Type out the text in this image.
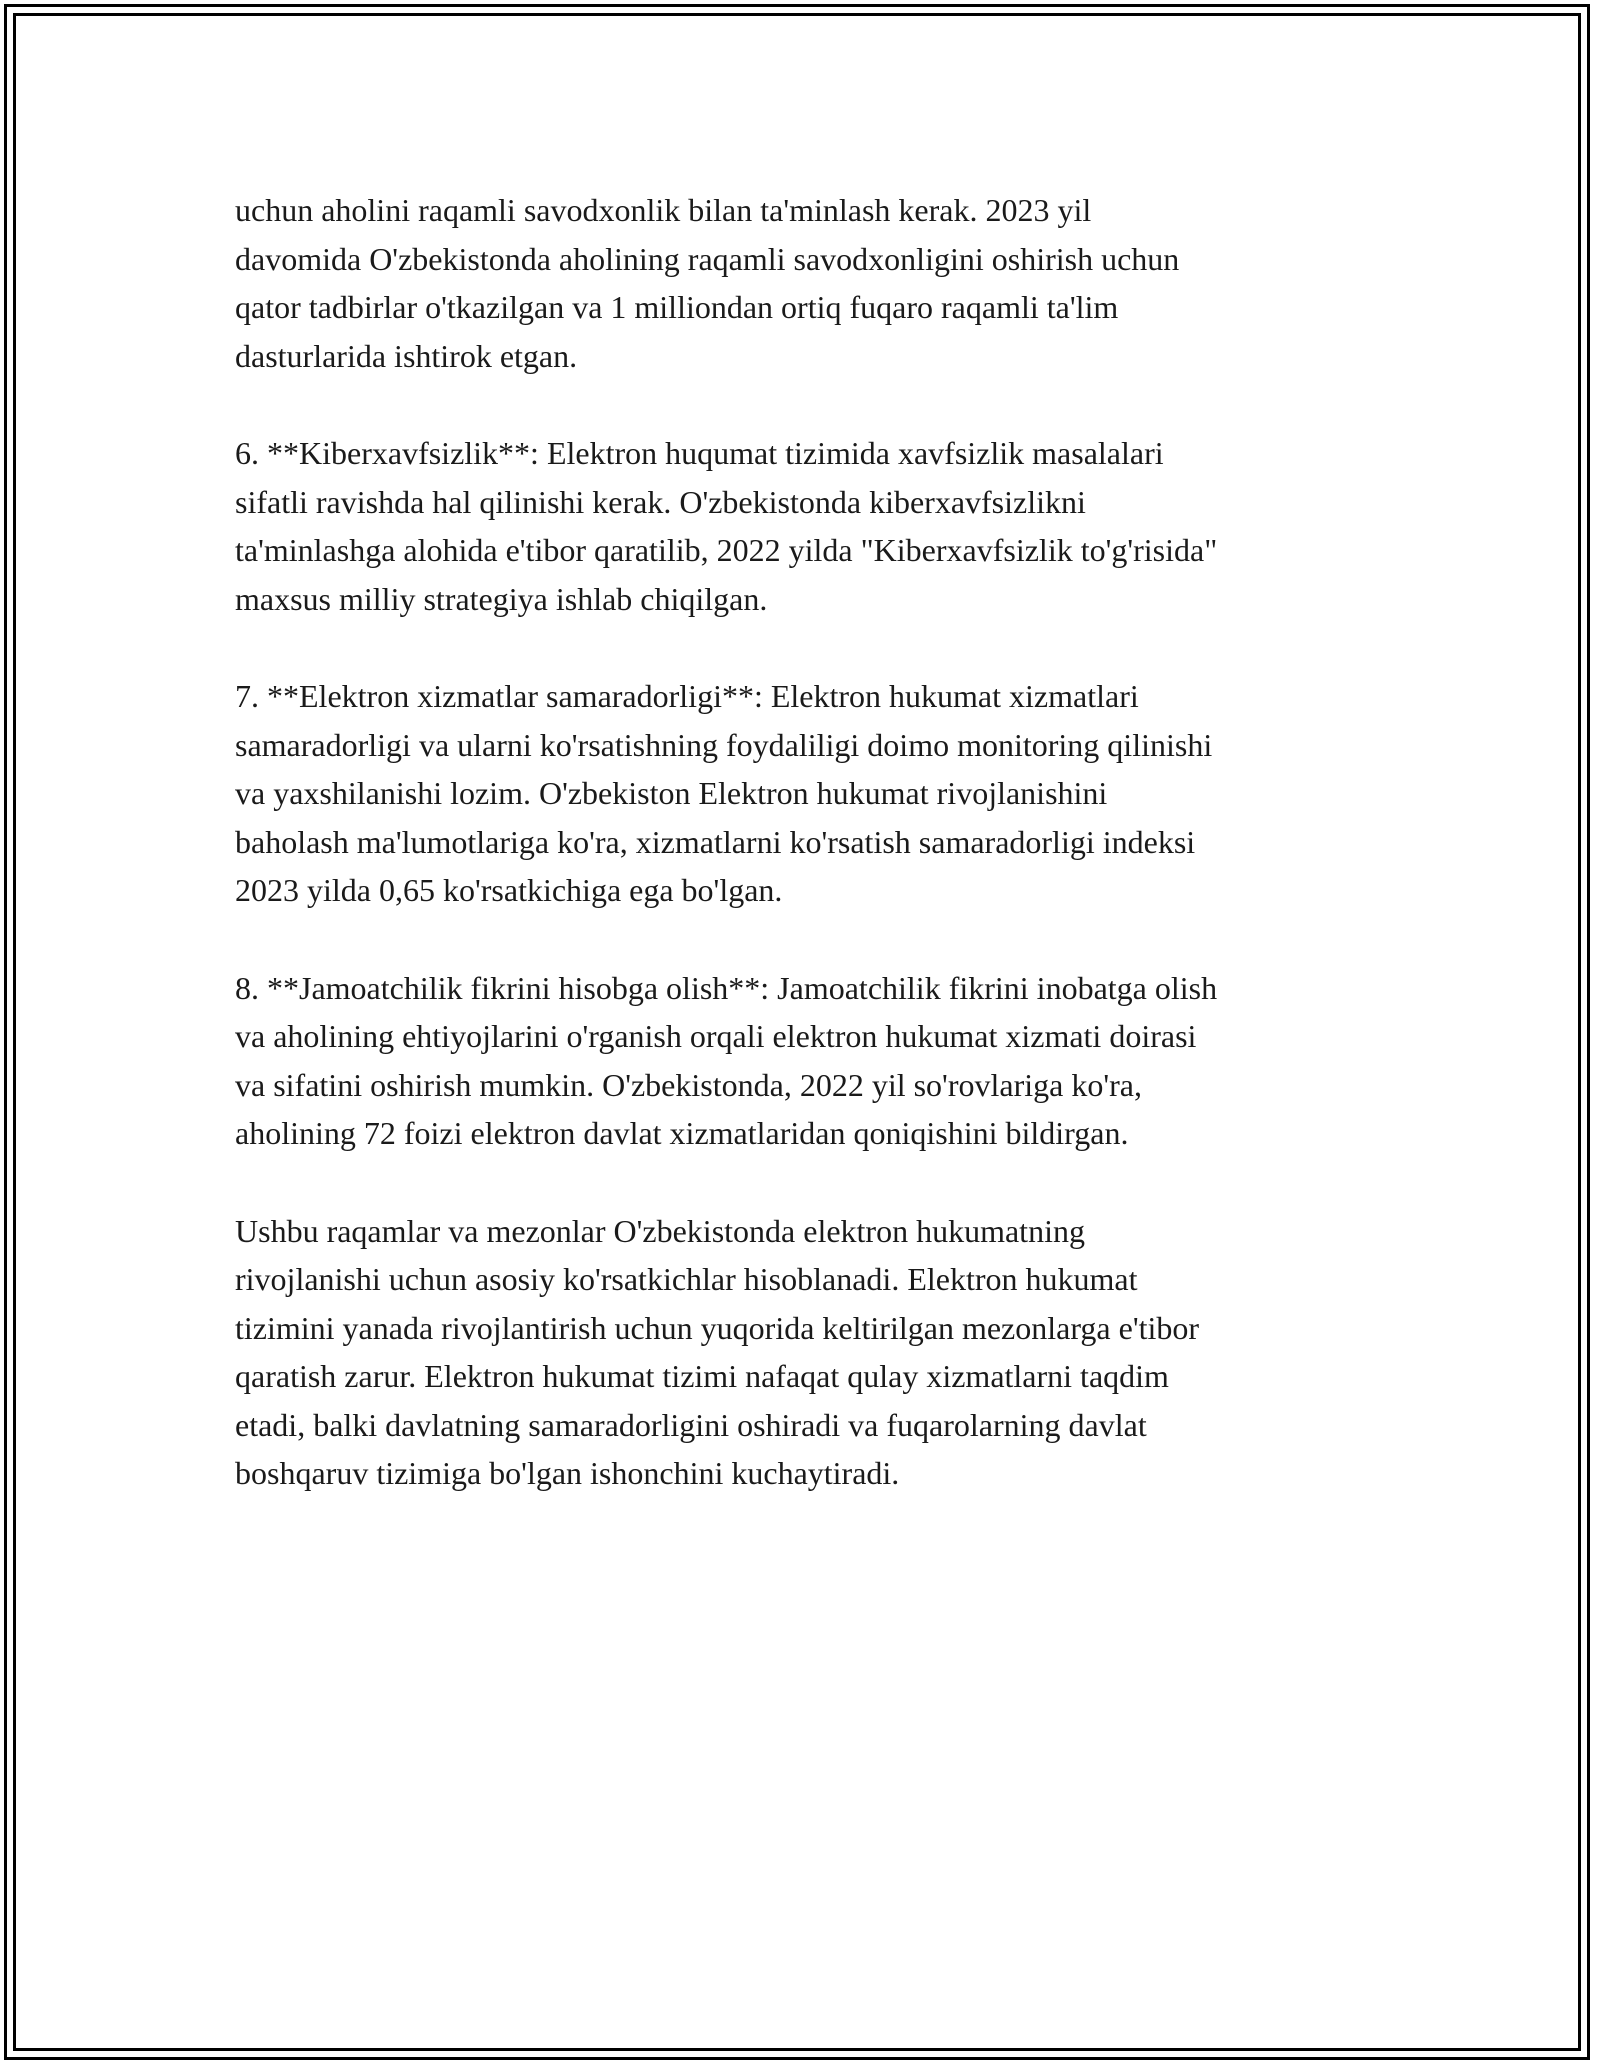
uchun aholini raqamli savodxonlik bilan ta'minlash kerak. 2023 yil
davomida O'zbekistonda aholining raqamli savodxonligini oshirish uchun
qator tadbirlar o'tkazilgan va 1 milliondan ortiq fuqaro raqamli ta'lim
dasturlarida ishtirok etgan.

6. **Kiberxavfsizlik**: Elektron huqumat tizimida xavfsizlik masalalari
sifatli ravishda hal qilinishi kerak. O'zbekistonda kiberxavfsizlikni
ta'minlashga alohida e'tibor qaratilib, 2022 yilda "Kiberxavfsizlik to'g'risida"
maxsus milliy strategiya ishlab chiqilgan.

7. **Elektron xizmatlar samaradorligi**: Elektron hukumat xizmatlari
samaradorligi va ularni ko'rsatishning foydaliligi doimo monitoring qilinishi
va yaxshilanishi lozim. O'zbekiston Elektron hukumat rivojlanishini
baholash ma'lumotlariga ko'ra, xizmatlarni ko'rsatish samaradorligi indeksi
2023 yilda 0,65 ko'rsatkichiga ega bo'lgan.

8. **Jamoatchilik fikrini hisobga olish**: Jamoatchilik fikrini inobatga olish
va aholining ehtiyojlarini o'rganish orqali elektron hukumat xizmati doirasi
va sifatini oshirish mumkin. O'zbekistonda, 2022 yil so'rovlariga ko'ra,
aholining 72 foizi elektron davlat xizmatlaridan qoniqishini bildirgan.

Ushbu raqamlar va mezonlar O'zbekistonda elektron hukumatning
rivojlanishi uchun asosiy ko'rsatkichlar hisoblanadi. Elektron hukumat
tizimini yanada rivojlantirish uchun yuqorida keltirilgan mezonlarga e'tibor
qaratish zarur. Elektron hukumat tizimi nafaqat qulay xizmatlarni taqdim
etadi, balki davlatning samaradorligini oshiradi va fuqarolarning davlat
boshqaruv tizimiga bo'lgan ishonchini kuchaytiradi.
